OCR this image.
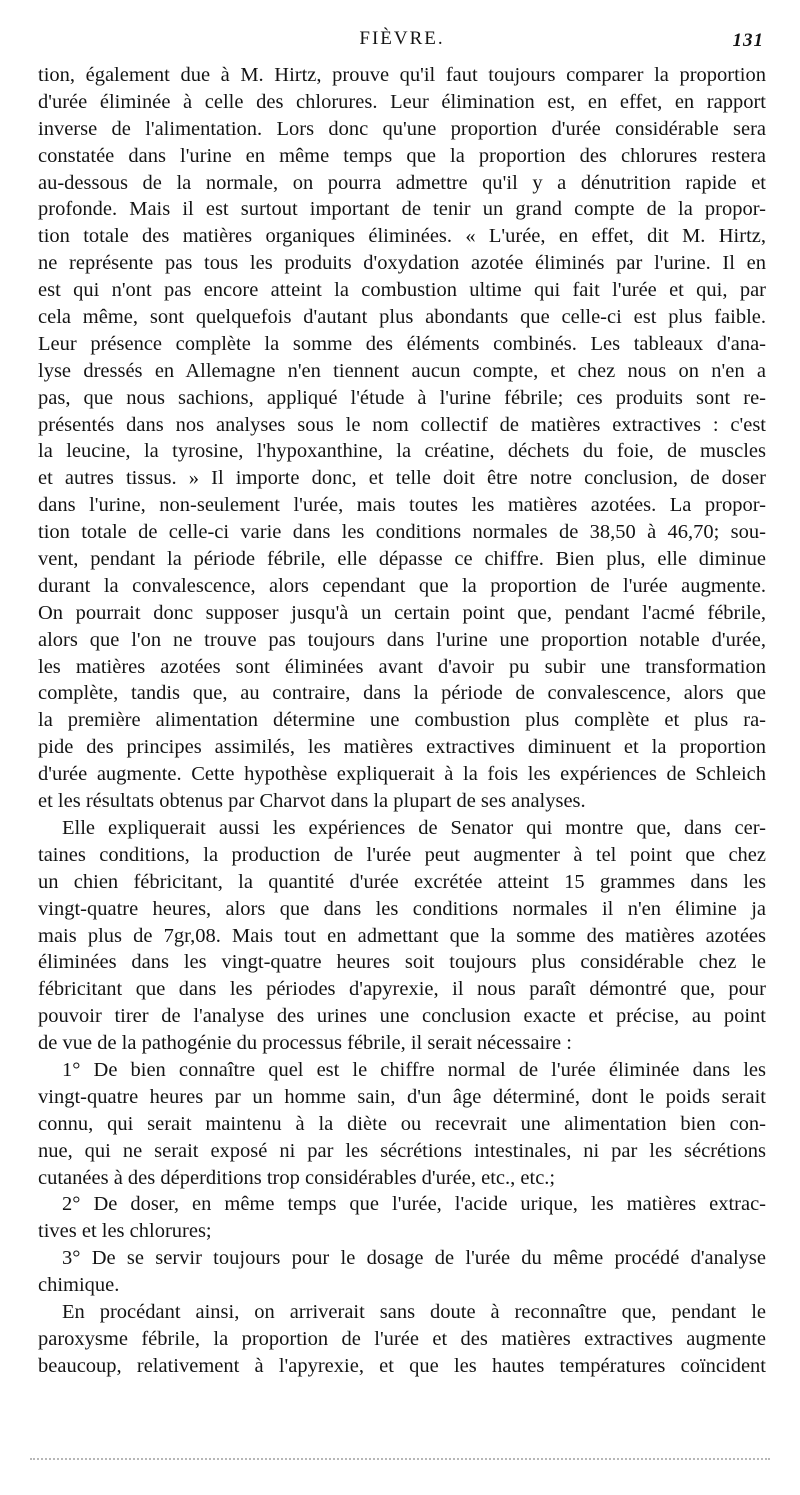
FIÈVRE.	131
tion, également due à M. Hirtz, prouve qu'il faut toujours comparer la proportion
d'urée éliminée à celle des chlorures. Leur élimination est, en effet, en rapport
inverse de l'alimentation. Lors donc qu'une proportion d'urée considérable sera
constatée dans l'urine en même temps que la proportion des chlorures restera
au-dessous de la normale, on pourra admettre qu'il y a dénutrition rapide et
profonde. Mais il est surtout important de tenir un grand compte de la propor-
tion totale des matières organiques éliminées. « L'urée, en effet, dit M. Hirtz,
ne représente pas tous les produits d'oxydation azotée éliminés par l'urine. Il en
est qui n'ont pas encore atteint la combustion ultime qui fait l'urée et qui, par
cela même, sont quelquefois d'autant plus abondants que celle-ci est plus faible.
Leur présence complète la somme des éléments combinés. Les tableaux d'ana-
lyse dressés en Allemagne n'en tiennent aucun compte, et chez nous on n'en a
pas, que nous sachions, appliqué l'étude à l'urine fébrile; ces produits sont re-
présentés dans nos analyses sous le nom collectif de matières extractives : c'est
la leucine, la tyrosine, l'hypoxanthine, la créatine, déchets du foie, de muscles
et autres tissus. » Il importe donc, et telle doit être notre conclusion, de doser
dans l'urine, non-seulement l'urée, mais toutes les matières azotées. La propor-
tion totale de celle-ci varie dans les conditions normales de 38,50 à 46,70; sou-
vent, pendant la période fébrile, elle dépasse ce chiffre. Bien plus, elle diminue
durant la convalescence, alors cependant que la proportion de l'urée augmente.
On pourrait donc supposer jusqu'à un certain point que, pendant l'acmé fébrile,
alors que l'on ne trouve pas toujours dans l'urine une proportion notable d'urée,
les matières azotées sont éliminées avant d'avoir pu subir une transformation
complète, tandis que, au contraire, dans la période de convalescence, alors que
la première alimentation détermine une combustion plus complète et plus ra-
pide des principes assimilés, les matières extractives diminuent et la proportion
d'urée augmente. Cette hypothèse expliquerait à la fois les expériences de Schleich
et les résultats obtenus par Charvot dans la plupart de ses analyses.
Elle expliquerait aussi les expériences de Senator qui montre que, dans cer-
taines conditions, la production de l'urée peut augmenter à tel point que chez
un chien fébricitant, la quantité d'urée excrétée atteint 15 grammes dans les
vingt-quatre heures, alors que dans les conditions normales il n'en élimine ja
mais plus de 7gr,08. Mais tout en admettant que la somme des matières azotées
éliminées dans les vingt-quatre heures soit toujours plus considérable chez le
fébricitant que dans les périodes d'apyrexie, il nous paraît démontré que, pour
pouvoir tirer de l'analyse des urines une conclusion exacte et précise, au point
de vue de la pathogénie du processus fébrile, il serait nécessaire :
1° De bien connaître quel est le chiffre normal de l'urée éliminée dans les
vingt-quatre heures par un homme sain, d'un âge déterminé, dont le poids serait
connu, qui serait maintenu à la diète ou recevrait une alimentation bien con-
nue, qui ne serait exposé ni par les sécrétions intestinales, ni par les sécrétions
cutanées à des déperditions trop considérables d'urée, etc., etc.;
2° De doser, en même temps que l'urée, l'acide urique, les matières extrac-
tives et les chlorures;
3° De se servir toujours pour le dosage de l'urée du même procédé d'analyse
chimique.
En procédant ainsi, on arriverait sans doute à reconnaître que, pendant le
paroxysme fébrile, la proportion de l'urée et des matières extractives augmente
beaucoup, relativement à l'apyrexie, et que les hautes températures coïncident
